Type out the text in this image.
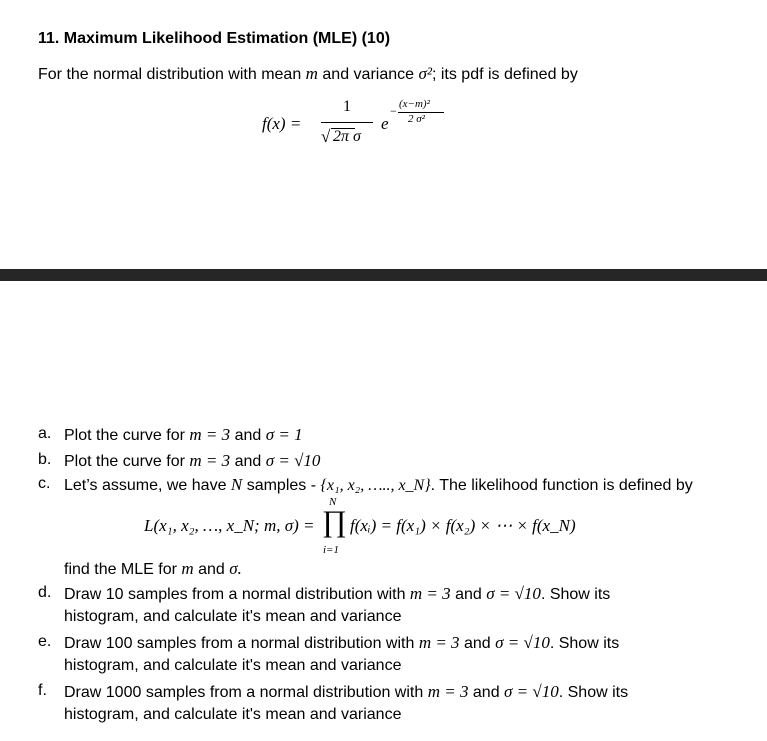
11. Maximum Likelihood Estimation (MLE) (10)
For the normal distribution with mean m and variance σ²; its pdf is defined by
f(x) =
1
√ 2π σ
e
− (x−m)²
2 σ²
a. Plot the curve for m = 3 and σ = 1
b. Plot the curve for m = 3 and σ = √10
c. Let’s assume, we have N samples - {x₁, x₂, ….., x_N}. The likelihood function is defined by
L(x₁, x₂, …, x_N; m, σ) =
N
∏
i=1
f(xᵢ) = f(x₁) × f(x₂) × ⋯ × f(x_N)
find the MLE for m and σ.
d. Draw 10 samples from a normal distribution with m = 3 and σ = √10. Show its
histogram, and calculate it's mean and variance
e. Draw 100 samples from a normal distribution with m = 3 and σ = √10. Show its
histogram, and calculate it's mean and variance
f. Draw 1000 samples from a normal distribution with m = 3 and σ = √10. Show its
histogram, and calculate it's mean and variance
